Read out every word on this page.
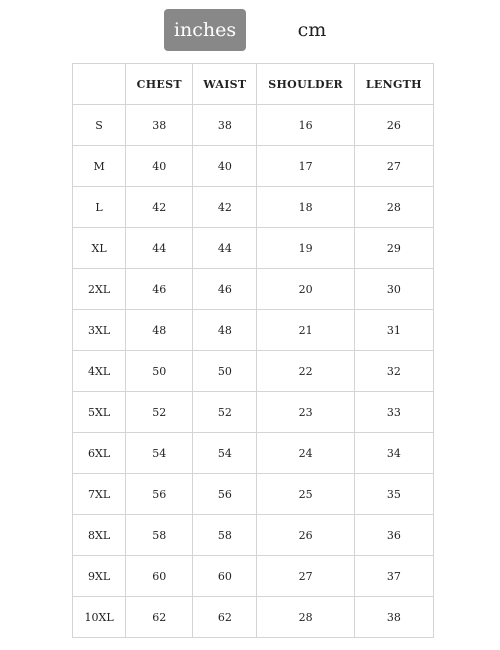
inches	cm
	CHEST	WAIST	SHOULDER	LENGTH
S	38	38	16	26
M	40	40	17	27
L	42	42	18	28
XL	44	44	19	29
2XL	46	46	20	30
3XL	48	48	21	31
4XL	50	50	22	32
5XL	52	52	23	33
6XL	54	54	24	34
7XL	56	56	25	35
8XL	58	58	26	36
9XL	60	60	27	37
10XL	62	62	28	38
